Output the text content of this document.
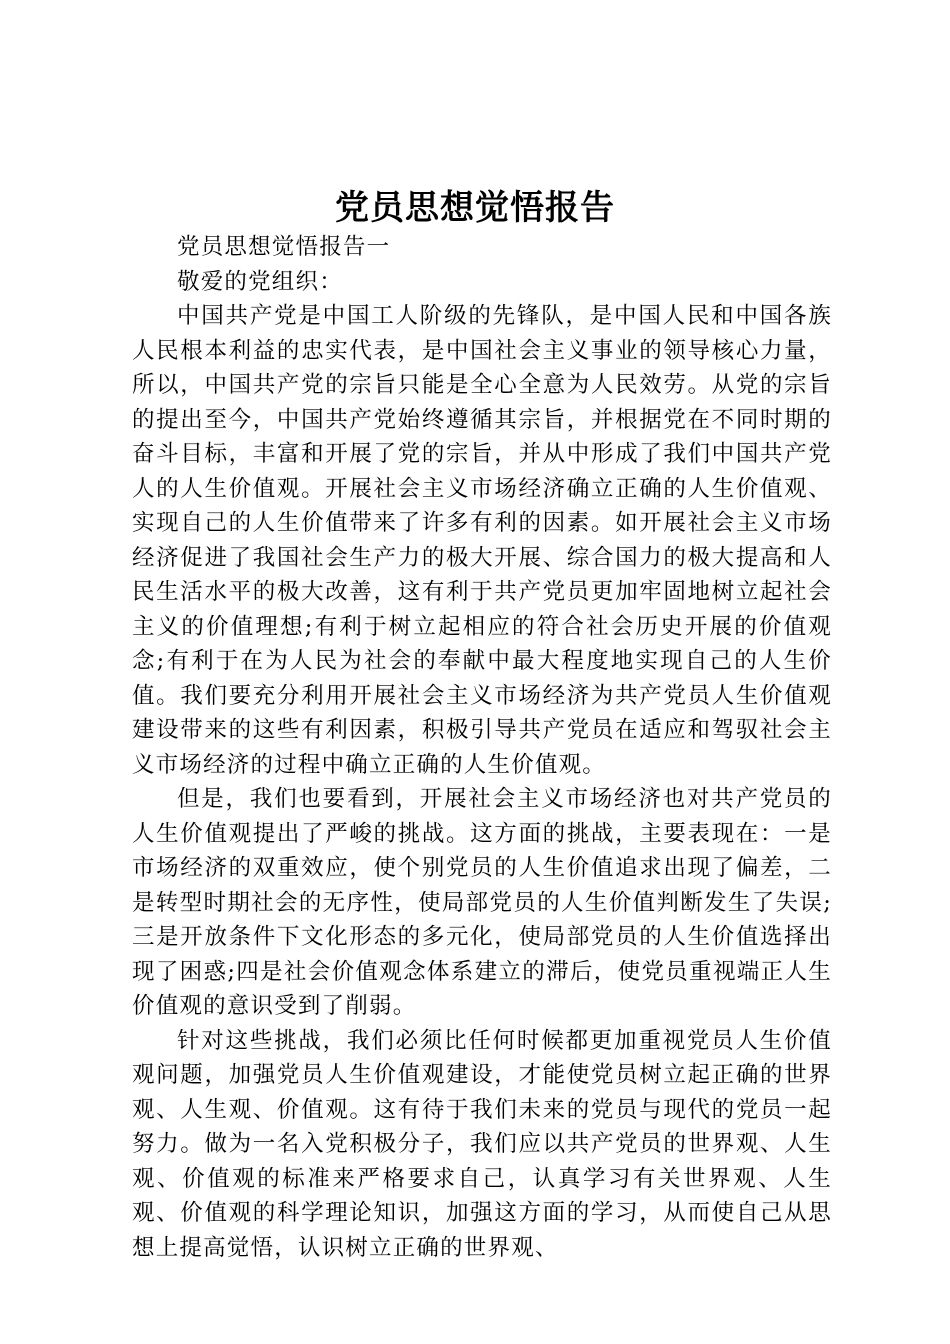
党员思想觉悟报告

党员思想觉悟报告一

敬爱的党组织：

中国共产党是中国工人阶级的先锋队，是中国人民和中国各族人民根本利益的忠实代表，是中国社会主义事业的领导核心力量，所以，中国共产党的宗旨只能是全心全意为人民效劳。从党的宗旨的提出至今，中国共产党始终遵循其宗旨，并根据党在不同时期的奋斗目标，丰富和开展了党的宗旨，并从中形成了我们中国共产党人的人生价值观。开展社会主义市场经济确立正确的人生价值观、实现自己的人生价值带来了许多有利的因素。如开展社会主义市场经济促进了我国社会生产力的极大开展、综合国力的极大提高和人民生活水平的极大改善，这有利于共产党员更加牢固地树立起社会主义的价值理想;有利于树立起相应的符合社会历史开展的价值观念;有利于在为人民为社会的奉献中最大程度地实现自己的人生价值。我们要充分利用开展社会主义市场经济为共产党员人生价值观建设带来的这些有利因素，积极引导共产党员在适应和驾驭社会主义市场经济的过程中确立正确的人生价值观。

但是，我们也要看到，开展社会主义市场经济也对共产党员的人生价值观提出了严峻的挑战。这方面的挑战，主要表现在：一是市场经济的双重效应，使个别党员的人生价值追求出现了偏差，二是转型时期社会的无序性，使局部党员的人生价值判断发生了失误;三是开放条件下文化形态的多元化，使局部党员的人生价值选择出现了困惑;四是社会价值观念体系建立的滞后，使党员重视端正人生价值观的意识受到了削弱。

针对这些挑战，我们必须比任何时候都更加重视党员人生价值观问题，加强党员人生价值观建设，才能使党员树立起正确的世界观、人生观、价值观。这有待于我们未来的党员与现代的党员一起努力。做为一名入党积极分子，我们应以共产党员的世界观、人生观、价值观的标准来严格要求自己，认真学习有关世界观、人生观、价值观的科学理论知识，加强这方面的学习，从而使自己从思想上提高觉悟，认识树立正确的世界观、
